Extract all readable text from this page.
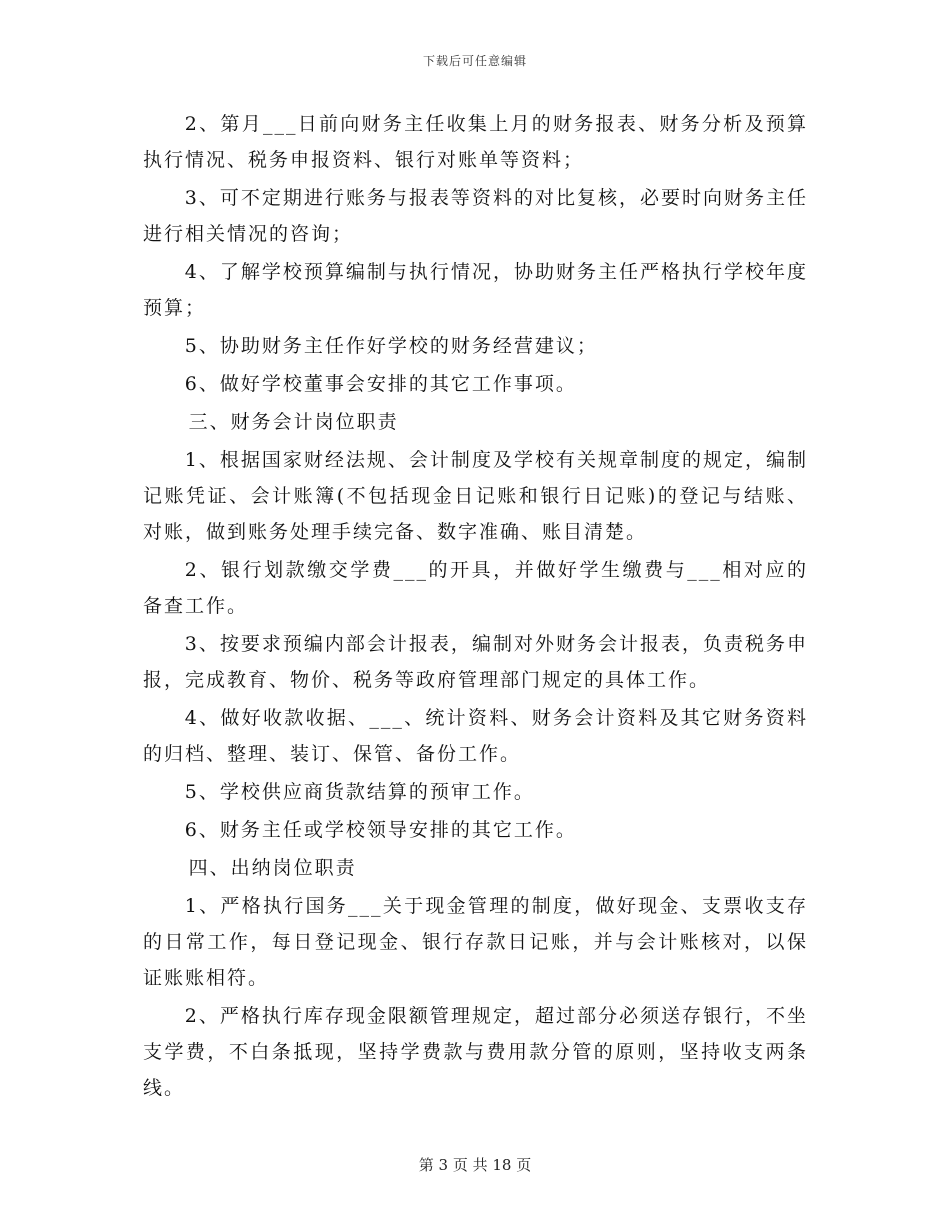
下载后可任意编辑

2、第月___日前向财务主任收集上月的财务报表、财务分析及预算执行情况、税务申报资料、银行对账单等资料；

3、可不定期进行账务与报表等资料的对比复核，必要时向财务主任进行相关情况的咨询；

4、了解学校预算编制与执行情况，协助财务主任严格执行学校年度预算；

5、协助财务主任作好学校的财务经营建议；

6、做好学校董事会安排的其它工作事项。

三、财务会计岗位职责

1、根据国家财经法规、会计制度及学校有关规章制度的规定，编制记账凭证、会计账簿(不包括现金日记账和银行日记账)的登记与结账、对账，做到账务处理手续完备、数字准确、账目清楚。

2、银行划款缴交学费___的开具，并做好学生缴费与___相对应的备查工作。

3、按要求预编内部会计报表，编制对外财务会计报表，负责税务申报，完成教育、物价、税务等政府管理部门规定的具体工作。

4、做好收款收据、___、统计资料、财务会计资料及其它财务资料的归档、整理、装订、保管、备份工作。

5、学校供应商货款结算的预审工作。

6、财务主任或学校领导安排的其它工作。

四、出纳岗位职责

1、严格执行国务___关于现金管理的制度，做好现金、支票收支存的日常工作，每日登记现金、银行存款日记账，并与会计账核对，以保证账账相符。

2、严格执行库存现金限额管理规定，超过部分必须送存银行，不坐支学费，不白条抵现，坚持学费款与费用款分管的原则，坚持收支两条线。

第 3 页 共 18 页
